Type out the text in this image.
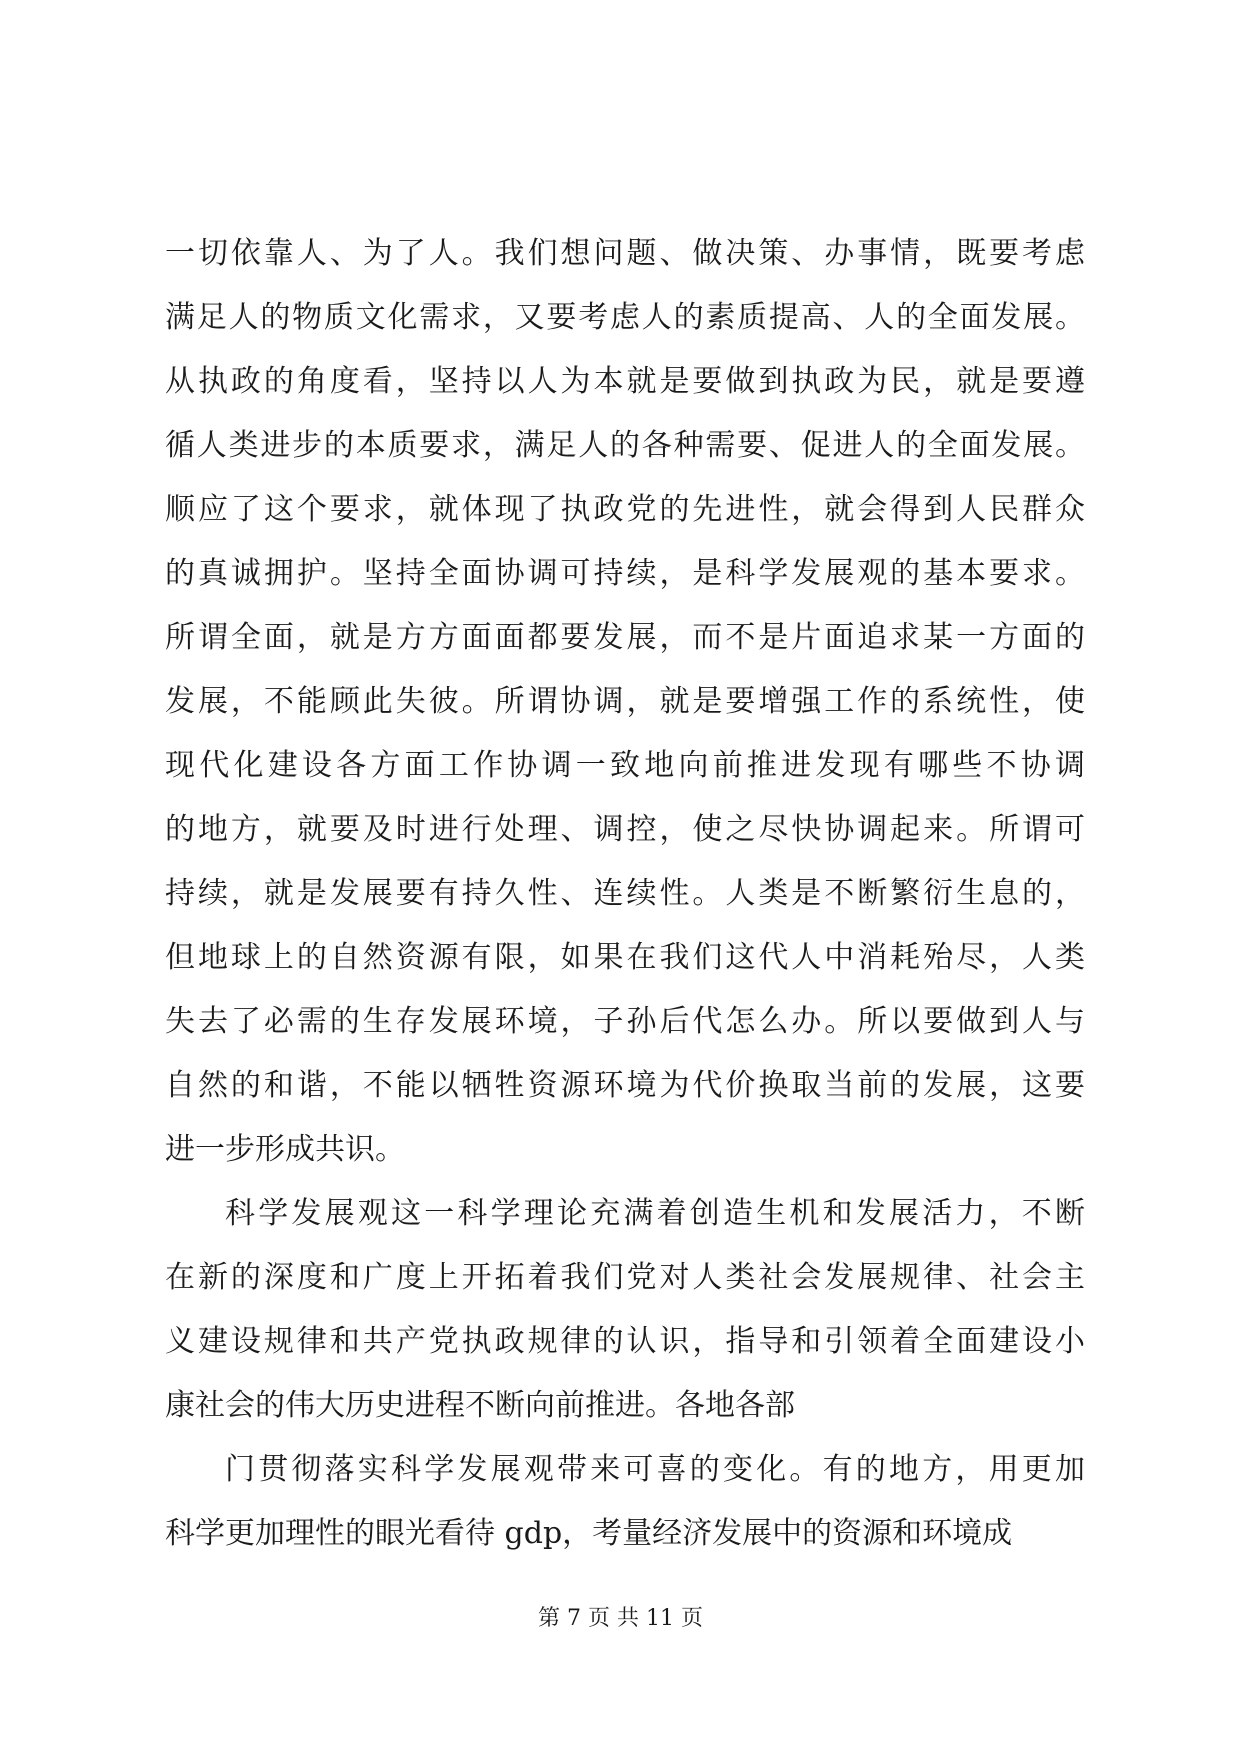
一切依靠人、为了人。我们想问题、做决策、办事情，既要考虑
满足人的物质文化需求，又要考虑人的素质提高、人的全面发展。
从执政的角度看，坚持以人为本就是要做到执政为民，就是要遵
循人类进步的本质要求，满足人的各种需要、促进人的全面发展。
顺应了这个要求，就体现了执政党的先进性，就会得到人民群众
的真诚拥护。坚持全面协调可持续，是科学发展观的基本要求。
所谓全面，就是方方面面都要发展，而不是片面追求某一方面的
发展，不能顾此失彼。所谓协调，就是要增强工作的系统性，使
现代化建设各方面工作协调一致地向前推进发现有哪些不协调
的地方，就要及时进行处理、调控，使之尽快协调起来。所谓可
持续，就是发展要有持久性、连续性。人类是不断繁衍生息的，
但地球上的自然资源有限，如果在我们这代人中消耗殆尽，人类
失去了必需的生存发展环境，子孙后代怎么办。所以要做到人与
自然的和谐，不能以牺牲资源环境为代价换取当前的发展，这要
进一步形成共识。
科学发展观这一科学理论充满着创造生机和发展活力，不断
在新的深度和广度上开拓着我们党对人类社会发展规律、社会主
义建设规律和共产党执政规律的认识，指导和引领着全面建设小
康社会的伟大历史进程不断向前推进。各地各部
门贯彻落实科学发展观带来可喜的变化。有的地方，用更加
科学更加理性的眼光看待 gdp，考量经济发展中的资源和环境成
第 7 页 共 11 页
